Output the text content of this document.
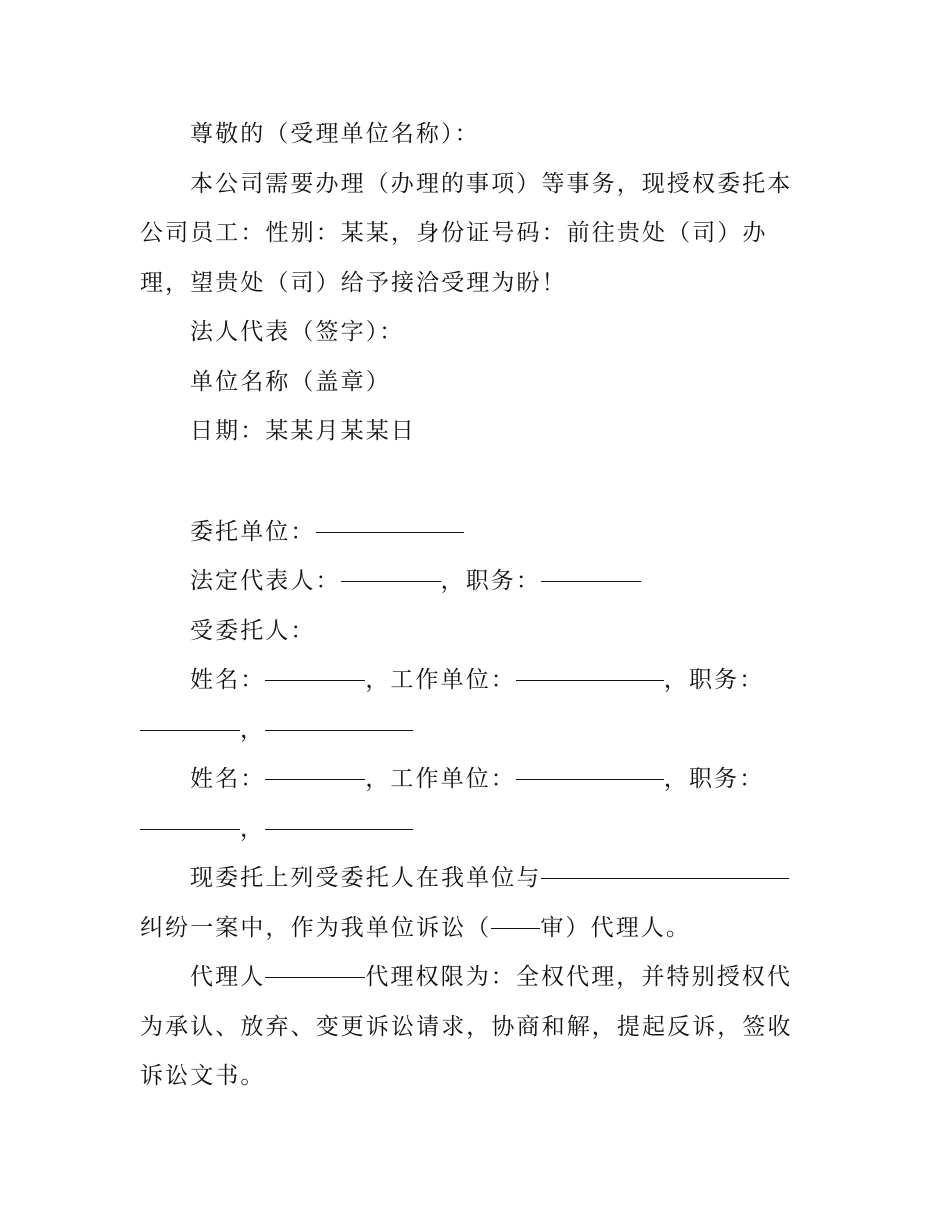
尊敬的（受理单位名称）：

本公司需要办理（办理的事项）等事务，现授权委托本公司员工：性别：某某，身份证号码：前往贵处（司）办理，望贵处（司）给予接洽受理为盼！

法人代表（签字）：

单位名称（盖章）

日期：某某月某某日

委托单位：

法定代表人：	，职务：

受委托人：

姓名：	，工作单位：	，职务：，

姓名：	，工作单位：	，职务：，

现委托上列受委托人在我单位与纠纷一案中，作为我单位诉讼（ 审）代理人。

代理人	代理权限为：全权代理，并特别授权代为承认、放弃、变更诉讼请求，协商和解，提起反诉，签收诉讼文书。
